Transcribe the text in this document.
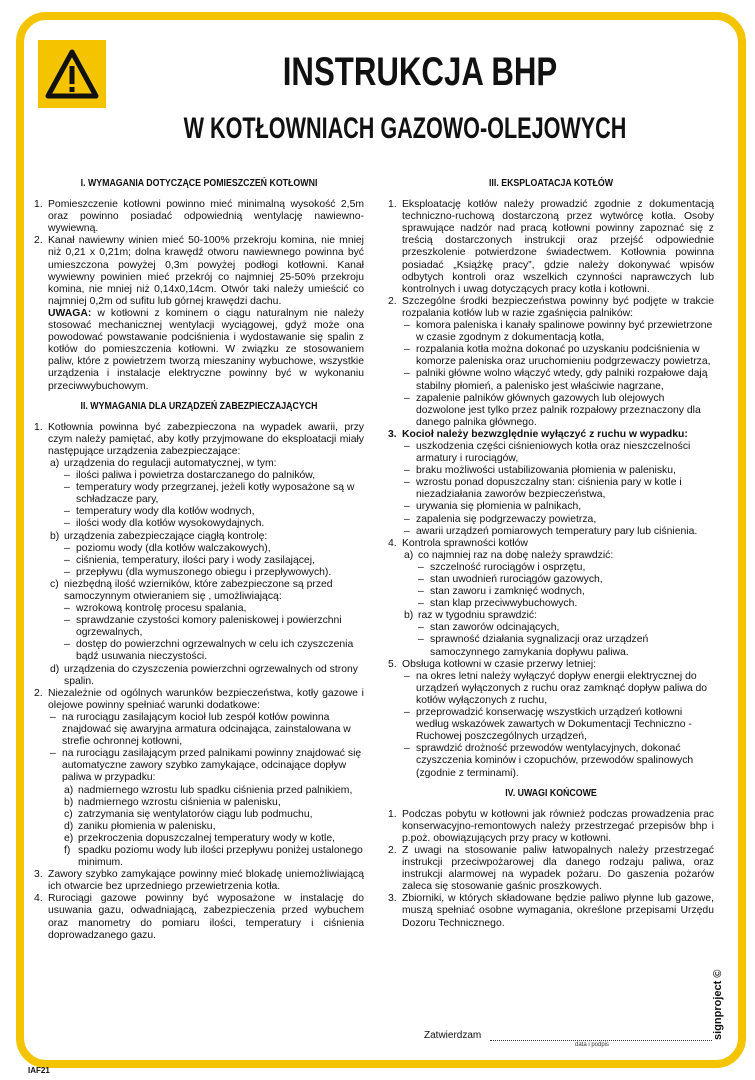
INSTRUKCJA BHP
W KOTŁOWNIACH GAZOWO-OLEJOWYCH
I. WYMAGANIA DOTYCZĄCE POMIESZCZEŃ KOTŁOWNI
1. Pomieszczenie kotłowni powinno mieć minimalną wysokość 2,5m oraz powinno posiadać odpowiednią wentylację nawiewno-wywiewną.
2. Kanał nawiewny winien mieć 50-100% przekroju komina, nie mniej niż 0,21 x 0,21m; dolna krawędź otworu nawiewnego powinna być umieszczona powyżej 0,3m powyżej podłogi kotłowni. Kanał wywiewny powinien mieć przekrój co najmniej 25-50% przekroju komina, nie mniej niż 0,14x0,14cm. Otwór taki należy umieścić co najmniej 0,2m od sufitu lub górnej krawędzi dachu.
UWAGA: w kotłowni z kominem o ciągu naturalnym nie należy stosować mechanicznej wentylacji wyciągowej, gdyż może ona powodować powstawanie podciśnienia i wydostawanie się spalin z kotłów do pomieszczenia kotłowni. W związku ze stosowaniem paliw, które z powietrzem tworzą mieszaniny wybuchowe, wszystkie urządzenia i instalacje elektryczne powinny być w wykonaniu przeciwwybuchowym.
II. WYMAGANIA DLA URZĄDZEŃ ZABEZPIECZAJĄCYCH
1. Kotłownia powinna być zabezpieczona na wypadek awarii, przy czym należy pamiętać, aby kotły przyjmowane do eksploatacji miały następujące urządzenia zabezpieczające:
a) urządzenia do regulacji automatycznej, w tym:
– ilości paliwa i powietrza dostarczanego do palników,
– temperatury wody przegrzanej, jeżeli kotły wyposażone są w schładzacze pary,
– temperatury wody dla kotłów wodnych,
– ilości wody dla kotłów wysokowydajnych.
b) urządzenia zabezpieczające ciągłą kontrolę:
– poziomu wody (dla kotłów walczakowych),
– ciśnienia, temperatury, ilości pary i wody zasilającej,
– przepływu (dla wymuszonego obiegu i przepływowych).
c) niezbędną ilość wzierników, które zabezpieczone są przed samoczynnym otwieraniem się , umożliwiającą:
– wzrokową kontrolę procesu spalania,
– sprawdzanie czystości komory paleniskowej i powierzchni ogrzewalnych,
– dostęp do powierzchni ogrzewalnych w celu ich czyszczenia bądź usuwania nieczystości.
d) urządzenia do czyszczenia powierzchni ogrzewalnych od strony spalin.
2. Niezależnie od ogólnych warunków bezpieczeństwa, kotły gazowe i olejowe powinny spełniać warunki dodatkowe:
– na rurociągu zasilającym kocioł lub zespół kotłów powinna znajdować się awaryjna armatura odcinająca, zainstalowana w strefie ochronnej kotłowni,
– na rurociągu zasilającym przed palnikami powinny znajdować się automatyczne zawory szybko zamykające, odcinające dopływ paliwa w przypadku:
a) nadmiernego wzrostu lub spadku ciśnienia przed palnikiem,
b) nadmiernego wzrostu ciśnienia w palenisku,
c) zatrzymania się wentylatorów ciągu lub podmuchu,
d) zaniku płomienia w palenisku,
e) przekroczenia dopuszczalnej temperatury wody w kotle,
f) spadku poziomu wody lub ilości przepływu poniżej ustalonego minimum.
3. Zawory szybko zamykające powinny mieć blokadę uniemożliwiającą ich otwarcie bez uprzedniego przewietrzenia kotła.
4. Rurociągi gazowe powinny być wyposażone w instalację do usuwania gazu, odwadniającą, zabezpieczenia przed wybuchem oraz manometry do pomiaru ilości, temperatury i ciśnienia doprowadzanego gazu.
III. EKSPLOATACJA KOTŁÓW
1. Eksploatację kotłów należy prowadzić zgodnie z dokumentacją techniczno-ruchową dostarczoną przez wytwórcę kotła. Osoby sprawujące nadzór nad pracą kotłowni powinny zapoznać się z treścią dostarczonych instrukcji oraz przejść odpowiednie przeszkolenie potwierdzone świadectwem. Kotłownia powinna posiadać „Książkę pracy”, gdzie należy dokonywać wpisów odbytych kontroli oraz wszelkich czynności naprawczych lub kontrolnych i uwag dotyczących pracy kotła i kotłowni.
2. Szczególne środki bezpieczeństwa powinny być podjęte w trakcie rozpalania kotłów lub w razie zgaśnięcia palników:
– komora paleniska i kanały spalinowe powinny być przewietrzone w czasie zgodnym z dokumentacją kotła,
– rozpalania kotła można dokonać po uzyskaniu podciśnienia w komorze paleniska oraz uruchomieniu podgrzewaczy powietrza,
– palniki główne wolno włączyć wtedy, gdy palniki rozpałowe dają stabilny płomień, a palenisko jest właściwie nagrzane,
– zapalenie palników głównych gazowych lub olejowych dozwolone jest tylko przez palnik rozpałowy przeznaczony dla danego palnika głównego.
3. Kocioł należy bezwzględnie wyłączyć z ruchu w wypadku:
– uszkodzenia części ciśnieniowych kotła oraz nieszczelności armatury i rurociągów,
– braku możliwości ustabilizowania płomienia w palenisku,
– wzrostu ponad dopuszczalny stan: ciśnienia pary w kotle i niezadziałania zaworów bezpieczeństwa,
– urywania się płomienia w palnikach,
– zapalenia się podgrzewaczy powietrza,
– awarii urządzeń pomiarowych temperatury pary lub ciśnienia.
4. Kontrola sprawności kotłów
a) co najmniej raz na dobę należy sprawdzić:
– szczelność rurociągów i osprzętu,
– stan uwodnień rurociągów gazowych,
– stan zaworu i zamknięć wodnych,
– stan klap przeciwwybuchowych.
b) raz w tygodniu sprawdzić:
– stan zaworów odcinających,
– sprawność działania sygnalizacji oraz urządzeń samoczynnego zamykania dopływu paliwa.
5. Obsługa kotłowni w czasie przerwy letniej:
– na okres letni należy wyłączyć dopływ energii elektrycznej do urządzeń wyłączonych z ruchu oraz zamknąć dopływ paliwa do kotłów wyłączonych z ruchu,
– przeprowadzić konserwację wszystkich urządzeń kotłowni według wskazówek zawartych w Dokumentacji Techniczno - Ruchowej poszczególnych urządzeń,
– sprawdzić drożność przewodów wentylacyjnych, dokonać czyszczenia kominów i czopuchów, przewodów spalinowych (zgodnie z terminami).
IV. UWAGI KOŃCOWE
1. Podczas pobytu w kotłowni jak również podczas prowadzenia prac konserwacyjno-remontowych należy przestrzegać przepisów bhp i p.poż. obowiązujących przy pracy w kotłowni.
2. Z uwagi na stosowanie paliw łatwopalnych należy przestrzegać instrukcji przeciwpożarowej dla danego rodzaju paliwa, oraz instrukcji alarmowej na wypadek pożaru. Do gaszenia pożarów zaleca się stosowanie gaśnic proszkowych.
3. Zbiorniki, w których składowane będzie paliwo płynne lub gazowe, muszą spełniać osobne wymagania, określone przepisami Urzędu Dozoru Technicznego.
Zatwierdzam
data i podpis
IAF21
signproject ©
